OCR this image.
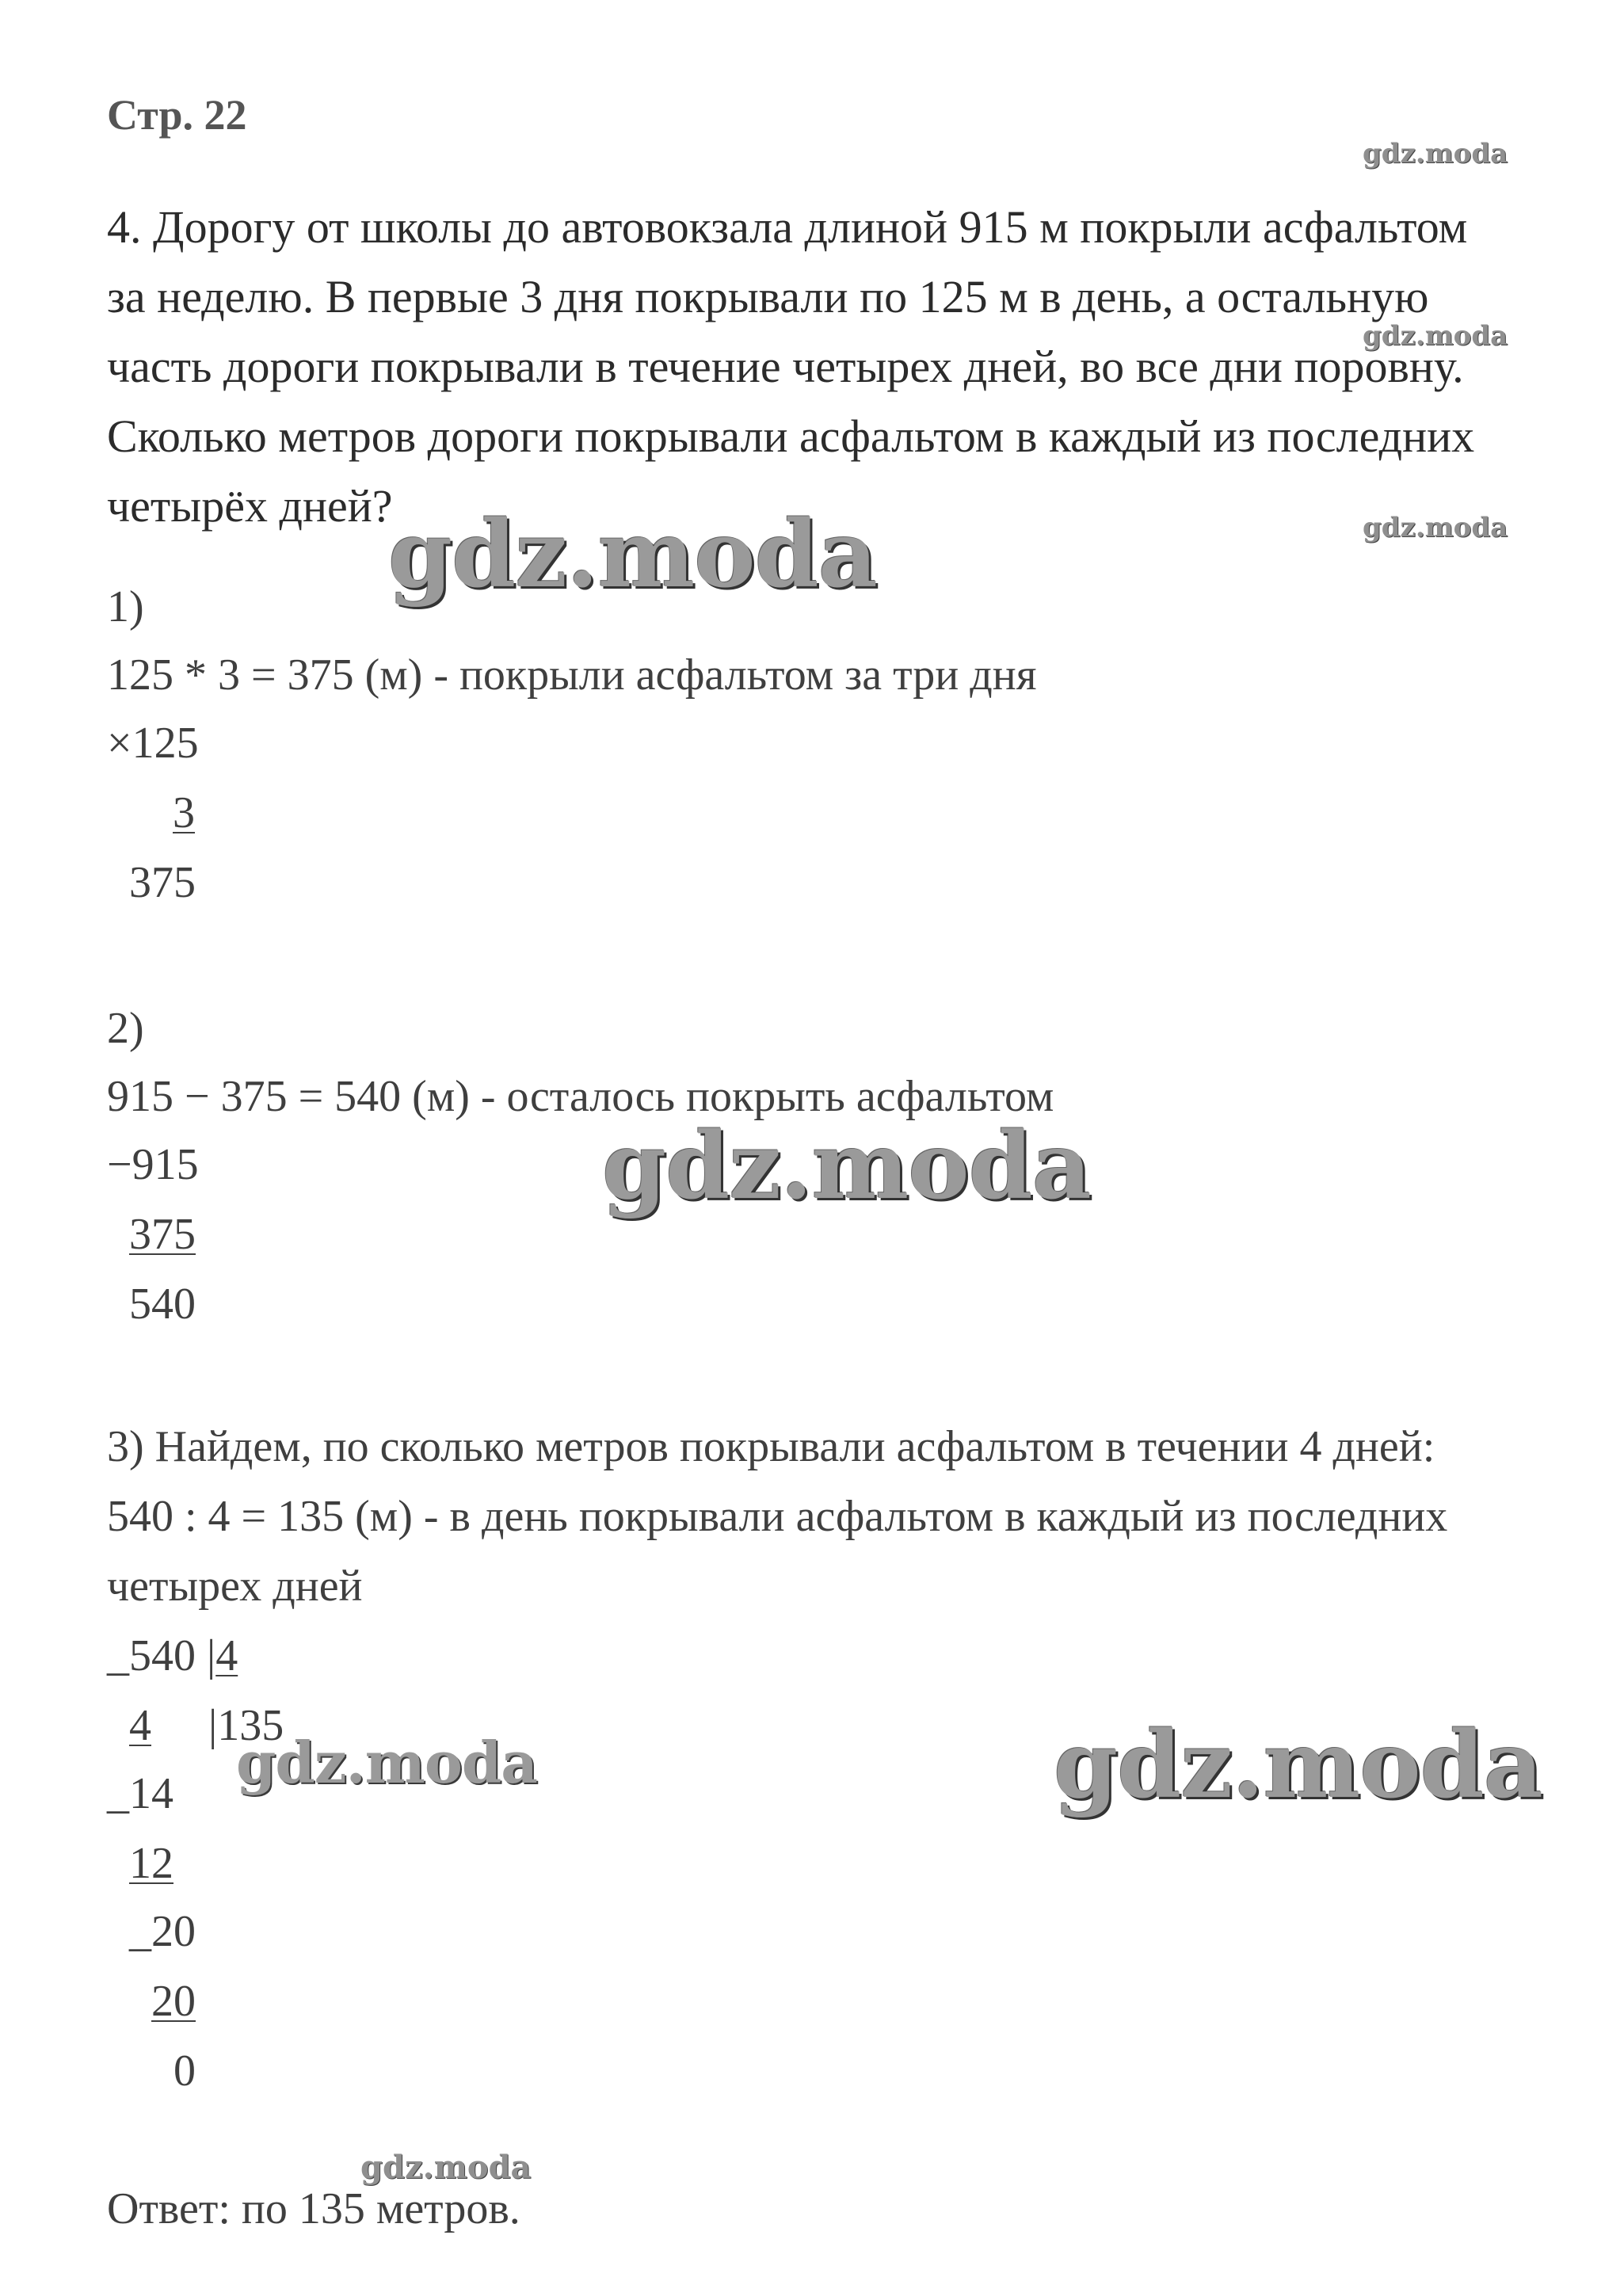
Стр. 22
4. Дорогу от школы до автовокзала длиной 915 м покрыли асфальтом
за неделю. В первые 3 дня покрывали по 125 м в день, а остальную
часть дороги покрывали в течение четырех дней, во все дни поровну.
Сколько метров дороги покрывали асфальтом в каждый из последних
четырёх дней?
1)
125 * 3 = 375 (м) - покрыли асфальтом за три дня
×125
3
375
2)
915 − 375 = 540 (м) - осталось покрыть асфальтом
−915
375
540
3) Найдем, по сколько метров покрывали асфальтом в течении 4 дней:
540 : 4 = 135 (м) - в день покрывали асфальтом в каждый из последних
четырех дней
_540 |4
4 |135
_14
12
_20
20
0
Ответ: по 135 метров.
gdz.moda
gdz.moda
gdz.moda
gdz.moda
gdz.moda
gdz.moda	gdz.moda
gdz.moda
